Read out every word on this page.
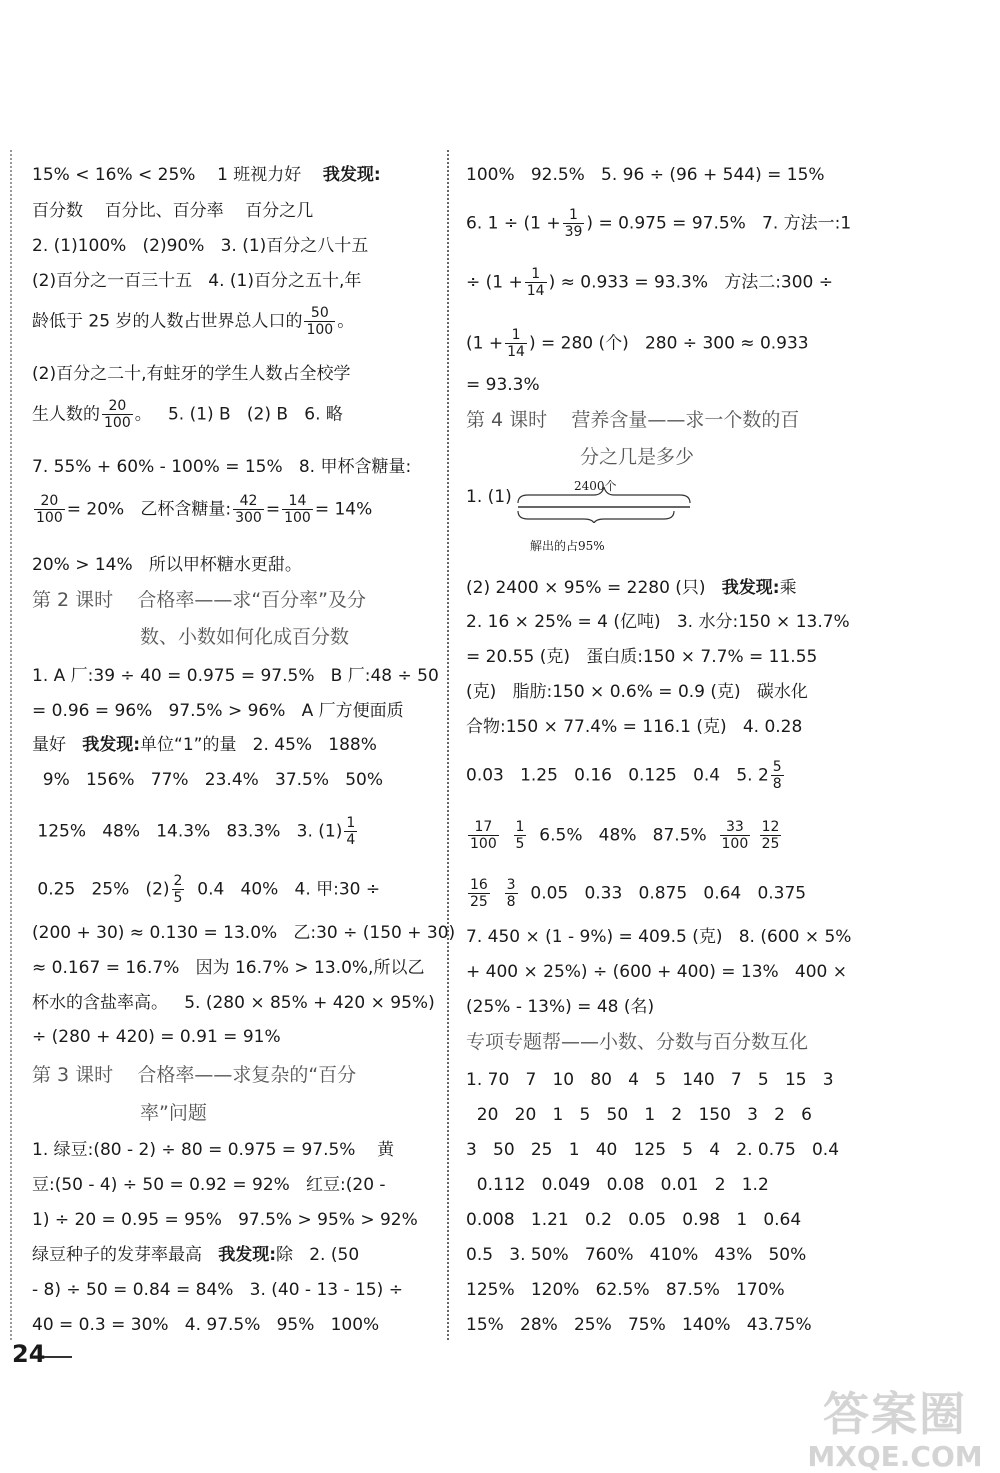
15% < 16% < 25%    1 班视力好    我发现:
百分数    百分比、百分率    百分之几
2. (1)100%   (2)90%   3. (1)百分之八十五
(2)百分之一百三十五   4. (1)百分之五十,年
龄低于 25 岁的人数占世界总人口的 $\frac{50}{100}$ 。
(2)百分之二十,有蛀牙的学生人数占全校学
生人数的 $\frac{20}{100}$ 。   5. (1) B   (2) B   6. 略
7. 55% + 60% - 100% = 15%   8. 甲杯含糖量:
$\frac{20}{100} = 20\%$   乙杯含糖量: $\frac{42}{300} = \frac{14}{100} = 14\%$
20% > 14%   所以甲杯糖水更甜。
第 2 课时    合格率——求“百分率”及分
数、小数如何化成百分数
1. A 厂:39 ÷ 40 = 0.975 = 97.5%   B 厂:48 ÷ 50
= 0.96 = 96%   97.5% > 96%   A 厂方便面质
量好   我发现:单位“1”的量   2. 45%   188%
9%   156%   77%   23.4%   37.5%   50%
125%   48%   14.3%   83.3%   3. $(1) \frac{1}{4}$
0.25   25%   $(2) \frac{2}{5} 0.4$   40%   4. 甲:30 ÷
(200 + 30) ≈ 0.130 = 13.0%   乙:30 ÷ (150 + 30)
≈ 0.167 = 16.7%   因为 16.7% > 13.0%,所以乙
杯水的含盐率高。   5. (280 × 85% + 420 × 95%)
÷ (280 + 420) = 0.91 = 91%
第 3 课时    合格率——求复杂的“百分
率”问题
1. 绿豆:(80 - 2) ÷ 80 = 0.975 = 97.5%    黄
豆:(50 - 4) ÷ 50 = 0.92 = 92%   红豆:(20 -
1) ÷ 20 = 0.95 = 95%   97.5% > 95% > 92%
绿豆种子的发芽率最高   我发现:除   2. (50
- 8) ÷ 50 = 0.84 = 84%   3. (40 - 13 - 15) ÷
40 = 0.3 = 30%   4. 97.5%   95%   100%
100%   92.5%   5. 96 ÷ (96 + 544) = 15%
6. $1 \div (1 + \frac{1}{39}$ ) = 0.975 = 97.5%   7. 方法一:1
÷ ($1 + \frac{1}{14}$ ) ≈ 0.933 = 93.3%   方法二:300 ÷
($1 + \frac{1}{14}$ ) = 280 (个)   280 ÷ 300 ≈ 0.933
= 93.3%
第 4 课时    营养含量——求一个数的百
分之几是多少
1. (1)
2400个
解出的占95%
(2) 2400 × 95% = 2280 (只)   我发现:乘
2. 16 × 25% = 4 (亿吨)   3. 水分:150 × 13.7%
= 20.55 (克)   蛋白质:150 × 7.7% = 11.55
(克)   脂肪:150 × 0.6% = 0.9 (克)   碳水化
合物:150 × 77.4% = 116.1 (克)   4. 0.28
0.03   1.25   0.16   0.125   0.4   5. $2 \frac{5}{8}$
$\frac{17}{100}$
$\frac{1}{5} 6.5\%$   48%   $87.5\% \frac{33}{100}$
$\frac{12}{25}$
$\frac{16}{25}$
$\frac{3}{8} 0.05$   0.33   0.875   0.64   0.375
7. 450 × (1 - 9%) = 409.5 (克)   8. (600 × 5%
+ 400 × 25%) ÷ (600 + 400) = 13%   400 ×
(25% - 13%) = 48 (名)
专项专题帮——小数、分数与百分数互化
1. 70   7   10   80   4   5   140   7   5   15   3
20   20   1   5   50   1   2   150   3   2   6
3   50   25   1   40   125   5   4   2. 0.75   0.4
0.112   0.049   0.08   0.01   2   1.2
0.008   1.21   0.2   0.05   0.98   1   0.64
0.5   3. 50%   760%   410%   43%   50%
125%   120%   62.5%   87.5%   170%
15%   28%   25%   75%   140%   43.75%
24
答案圈
MXQE.COM
